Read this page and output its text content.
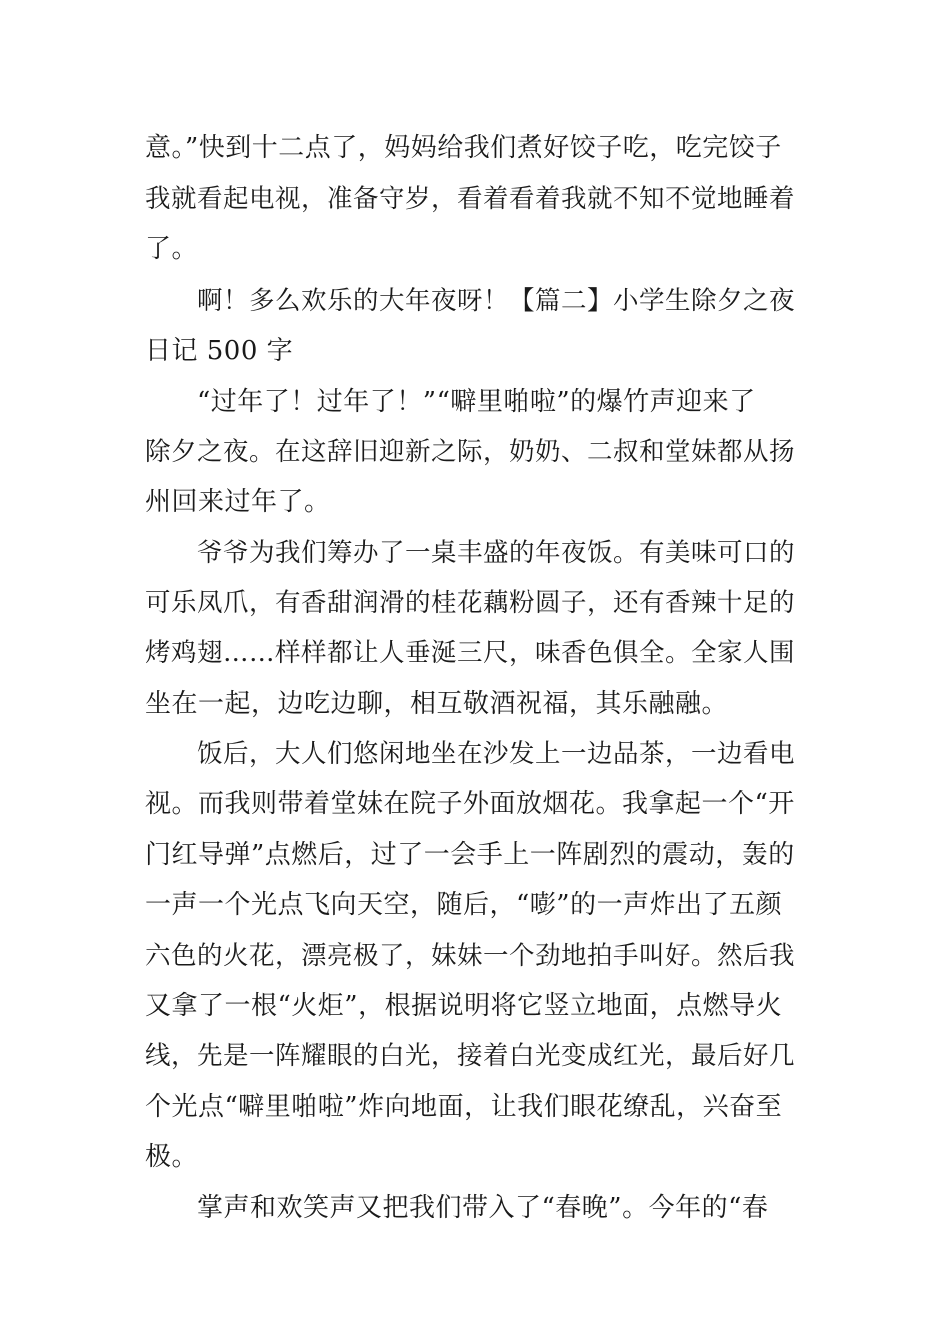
意。”快到十二点了，妈妈给我们煮好饺子吃，吃完饺子

我就看起电视，准备守岁，看着看着我就不知不觉地睡着

了。

啊！多么欢乐的大年夜呀！【篇二】小学生除夕之夜

日记 500 字

“过年了！过年了！”“噼里啪啦”的爆竹声迎来了

除夕之夜。在这辞旧迎新之际，奶奶、二叔和堂妹都从扬

州回来过年了。

爷爷为我们筹办了一桌丰盛的年夜饭。有美味可口的

可乐凤爪，有香甜润滑的桂花藕粉圆子，还有香辣十足的

烤鸡翅……样样都让人垂涎三尺，味香色俱全。全家人围

坐在一起，边吃边聊，相互敬酒祝福，其乐融融。

饭后，大人们悠闲地坐在沙发上一边品茶，一边看电

视。而我则带着堂妹在院子外面放烟花。我拿起一个“开

门红导弹”点燃后，过了一会手上一阵剧烈的震动，轰的

一声一个光点飞向天空，随后，“嘭”的一声炸出了五颜

六色的火花，漂亮极了，妹妹一个劲地拍手叫好。然后我

又拿了一根“火炬”，根据说明将它竖立地面，点燃导火

线，先是一阵耀眼的白光，接着白光变成红光，最后好几

个光点“噼里啪啦”炸向地面，让我们眼花缭乱，兴奋至

极。

掌声和欢笑声又把我们带入了“春晚”。今年的“春
